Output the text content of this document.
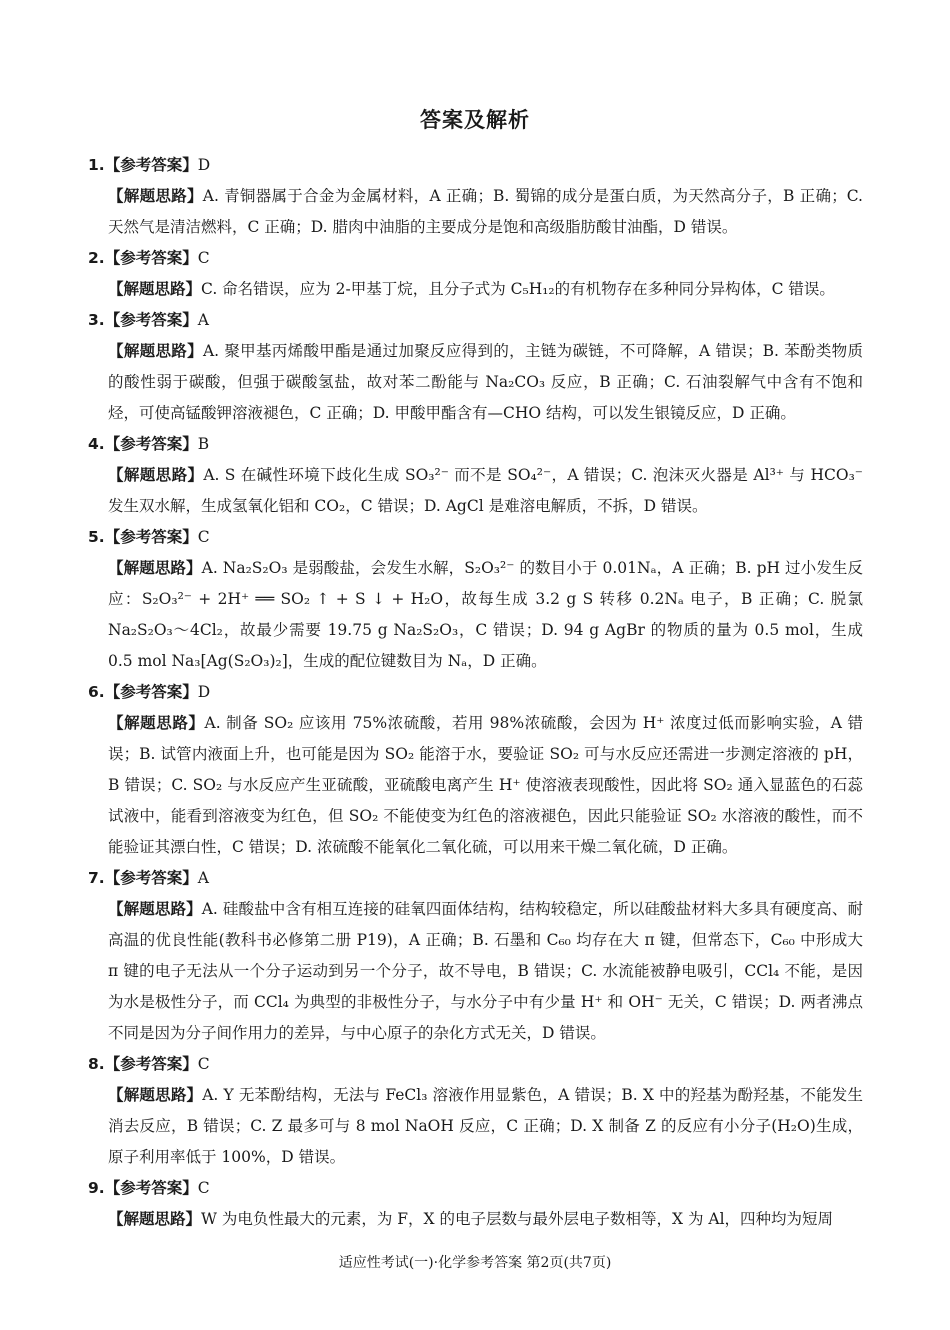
答案及解析
1.【参考答案】D
【解题思路】A. 青铜器属于合金为金属材料，A 正确；B. 蜀锦的成分是蛋白质，为天然高分子，B 正确；C. 天然气是清洁燃料，C 正确；D. 腊肉中油脂的主要成分是饱和高级脂肪酸甘油酯，D 错误。
2.【参考答案】C
【解题思路】C. 命名错误，应为 2-甲基丁烷，且分子式为 C₅H₁₂的有机物存在多种同分异构体，C 错误。
3.【参考答案】A
【解题思路】A. 聚甲基丙烯酸甲酯是通过加聚反应得到的，主链为碳链，不可降解，A 错误；B. 苯酚类物质的酸性弱于碳酸，但强于碳酸氢盐，故对苯二酚能与 Na₂CO₃ 反应，B 正确；C. 石油裂解气中含有不饱和烃，可使高锰酸钾溶液褪色，C 正确；D. 甲酸甲酯含有—CHO 结构，可以发生银镜反应，D 正确。
4.【参考答案】B
【解题思路】A. S 在碱性环境下歧化生成 SO₃²⁻ 而不是 SO₄²⁻，A 错误；C. 泡沫灭火器是 Al³⁺ 与 HCO₃⁻ 发生双水解，生成氢氧化铝和 CO₂，C 错误；D. AgCl 是难溶电解质，不拆，D 错误。
5.【参考答案】C
【解题思路】A. Na₂S₂O₃ 是弱酸盐，会发生水解，S₂O₃²⁻ 的数目小于 0.01Nₐ，A 正确；B. pH 过小发生反应：S₂O₃²⁻ + 2H⁺ ══ SO₂ ↑ + S ↓ + H₂O，故每生成 3.2 g S 转移 0.2Nₐ 电子，B 正确；C. 脱氯 Na₂S₂O₃～4Cl₂，故最少需要 19.75 g Na₂S₂O₃，C 错误；D. 94 g AgBr 的物质的量为 0.5 mol，生成 0.5 mol Na₃[Ag(S₂O₃)₂]，生成的配位键数目为 Nₐ，D 正确。
6.【参考答案】D
【解题思路】A. 制备 SO₂ 应该用 75%浓硫酸，若用 98%浓硫酸，会因为 H⁺ 浓度过低而影响实验，A 错误；B. 试管内液面上升，也可能是因为 SO₂ 能溶于水，要验证 SO₂ 可与水反应还需进一步测定溶液的 pH，B 错误；C. SO₂ 与水反应产生亚硫酸，亚硫酸电离产生 H⁺ 使溶液表现酸性，因此将 SO₂ 通入显蓝色的石蕊试液中，能看到溶液变为红色，但 SO₂ 不能使变为红色的溶液褪色，因此只能验证 SO₂ 水溶液的酸性，而不能验证其漂白性，C 错误；D. 浓硫酸不能氧化二氧化硫，可以用来干燥二氧化硫，D 正确。
7.【参考答案】A
【解题思路】A. 硅酸盐中含有相互连接的硅氧四面体结构，结构较稳定，所以硅酸盐材料大多具有硬度高、耐高温的优良性能(教科书必修第二册 P19)，A 正确；B. 石墨和 C₆₀ 均存在大 π 键，但常态下，C₆₀ 中形成大 π 键的电子无法从一个分子运动到另一个分子，故不导电，B 错误；C. 水流能被静电吸引，CCl₄ 不能，是因为水是极性分子，而 CCl₄ 为典型的非极性分子，与水分子中有少量 H⁺ 和 OH⁻ 无关，C 错误；D. 两者沸点不同是因为分子间作用力的差异，与中心原子的杂化方式无关，D 错误。
8.【参考答案】C
【解题思路】A. Y 无苯酚结构，无法与 FeCl₃ 溶液作用显紫色，A 错误；B. X 中的羟基为酚羟基，不能发生消去反应，B 错误；C. Z 最多可与 8 mol NaOH 反应，C 正确；D. X 制备 Z 的反应有小分子(H₂O)生成，原子利用率低于 100%，D 错误。
9.【参考答案】C
【解题思路】W 为电负性最大的元素，为 F，X 的电子层数与最外层电子数相等，X 为 Al，四种均为短周
适应性考试(一)·化学参考答案 第2页(共7页)
